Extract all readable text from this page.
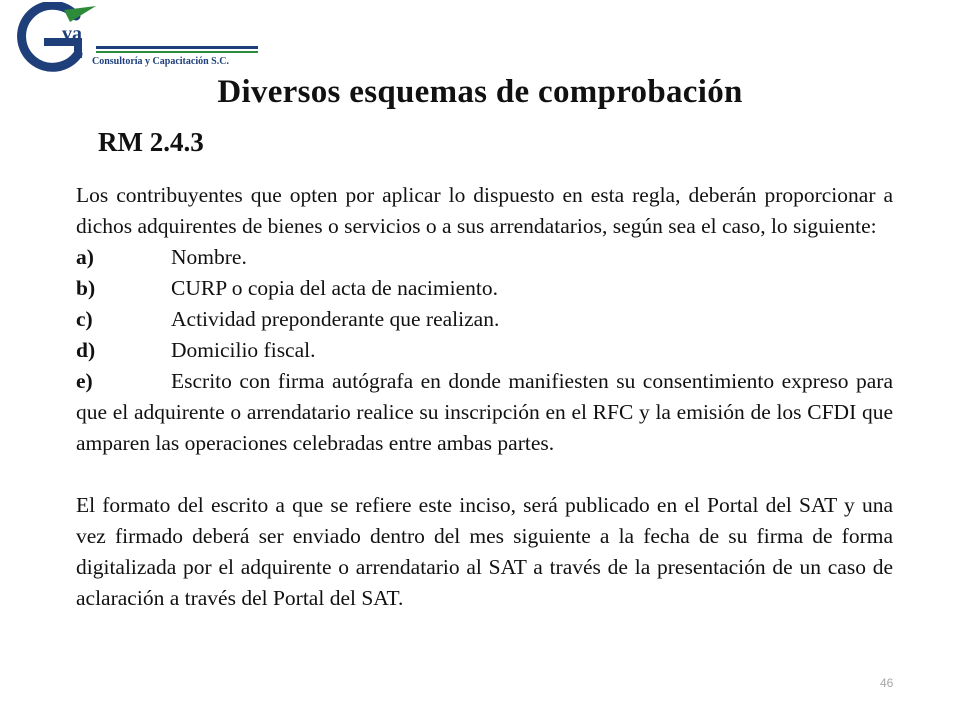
va
Consultoría y Capacitación S.C.
Diversos esquemas de comprobación
RM 2.4.3

Los contribuyentes que opten por aplicar lo dispuesto en esta regla, deberán proporcionar a dichos adquirentes de bienes o servicios o a sus arrendatarios, según sea el caso, lo siguiente:

a)	Nombre.
b)	CURP o copia del acta de nacimiento.
c)	Actividad preponderante que realizan.
d)	Domicilio fiscal.

e)	Escrito con firma autógrafa en donde manifiesten su consentimiento expreso para que el adquirente o arrendatario realice su inscripción en el RFC y la emisión de los CFDI que amparen las operaciones celebradas entre ambas partes.

El formato del escrito a que se refiere este inciso, será publicado en el Portal del SAT y una vez firmado deberá ser enviado dentro del mes siguiente a la fecha de su firma de forma digitalizada por el adquirente o arrendatario al SAT a través de la presentación de un caso de aclaración a través del Portal del SAT.

46
